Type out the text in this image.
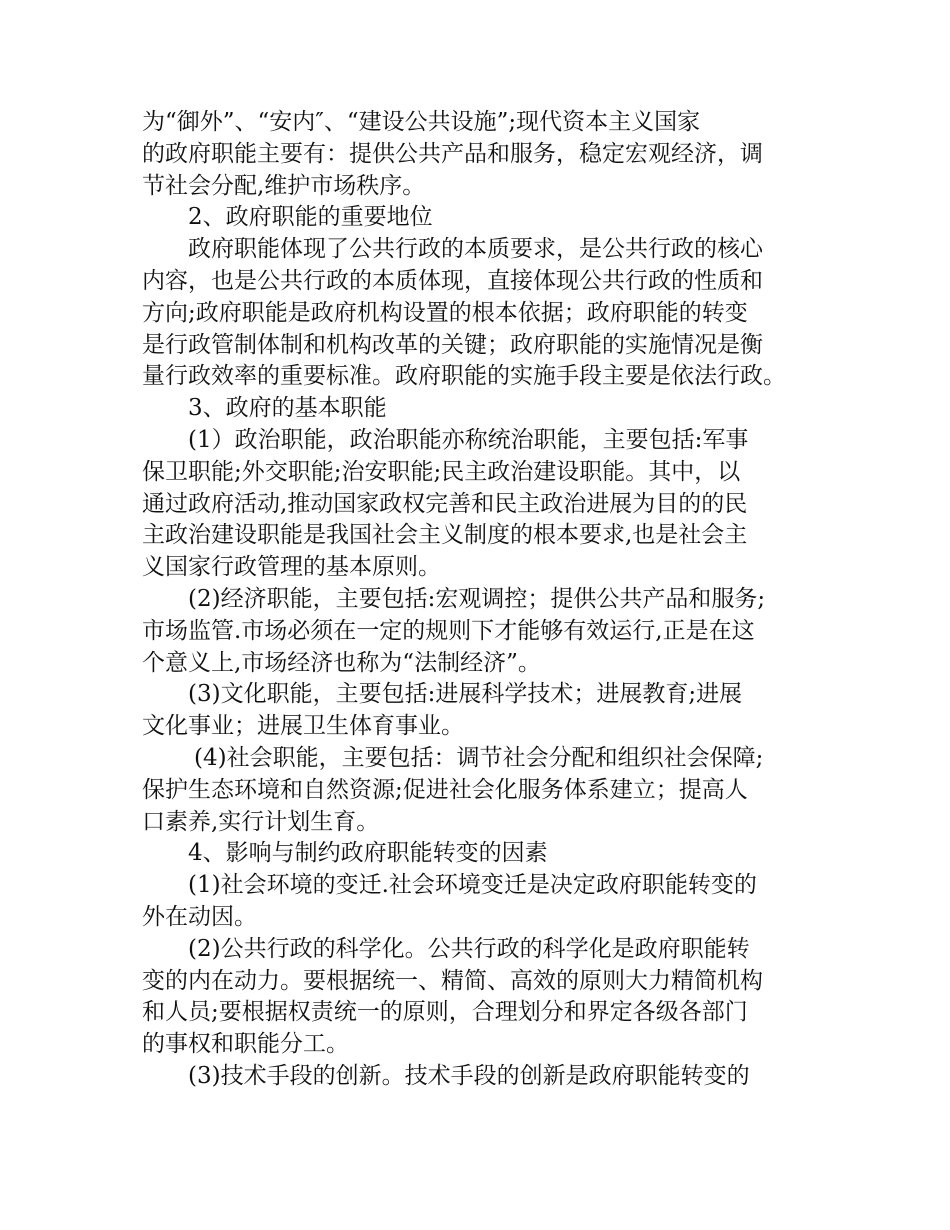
为“御外”、“安内″、“建设公共设施”;现代资本主义国家
的政府职能主要有：提供公共产品和服务，稳定宏观经济，调
节社会分配,维护市场秩序。
2、政府职能的重要地位
政府职能体现了公共行政的本质要求，是公共行政的核心
内容，也是公共行政的本质体现，直接体现公共行政的性质和
方向;政府职能是政府机构设置的根本依据；政府职能的转变
是行政管制体制和机构改革的关键；政府职能的实施情况是衡
量行政效率的重要标准。政府职能的实施手段主要是依法行政。
3、政府的基本职能
(1）政治职能，政治职能亦称统治职能，主要包括:军事
保卫职能;外交职能;治安职能;民主政治建设职能。其中，以
通过政府活动,推动国家政权完善和民主政治进展为目的的民
主政治建设职能是我国社会主义制度的根本要求,也是社会主
义国家行政管理的基本原则。
(2)经济职能，主要包括:宏观调控；提供公共产品和服务;
市场监管.市场必须在一定的规则下才能够有效运行,正是在这
个意义上,市场经济也称为“法制经济”。
(3)文化职能，主要包括:进展科学技术；进展教育;进展
文化事业；进展卫生体育事业。
(4)社会职能，主要包括：调节社会分配和组织社会保障;
保护生态环境和自然资源;促进社会化服务体系建立；提高人
口素养,实行计划生育。
4、影响与制约政府职能转变的因素
(1)社会环境的变迁.社会环境变迁是决定政府职能转变的
外在动因。
(2)公共行政的科学化。公共行政的科学化是政府职能转
变的内在动力。要根据统一、精简、高效的原则大力精简机构
和人员;要根据权责统一的原则，合理划分和界定各级各部门
的事权和职能分工。
(3)技术手段的创新。技术手段的创新是政府职能转变的
